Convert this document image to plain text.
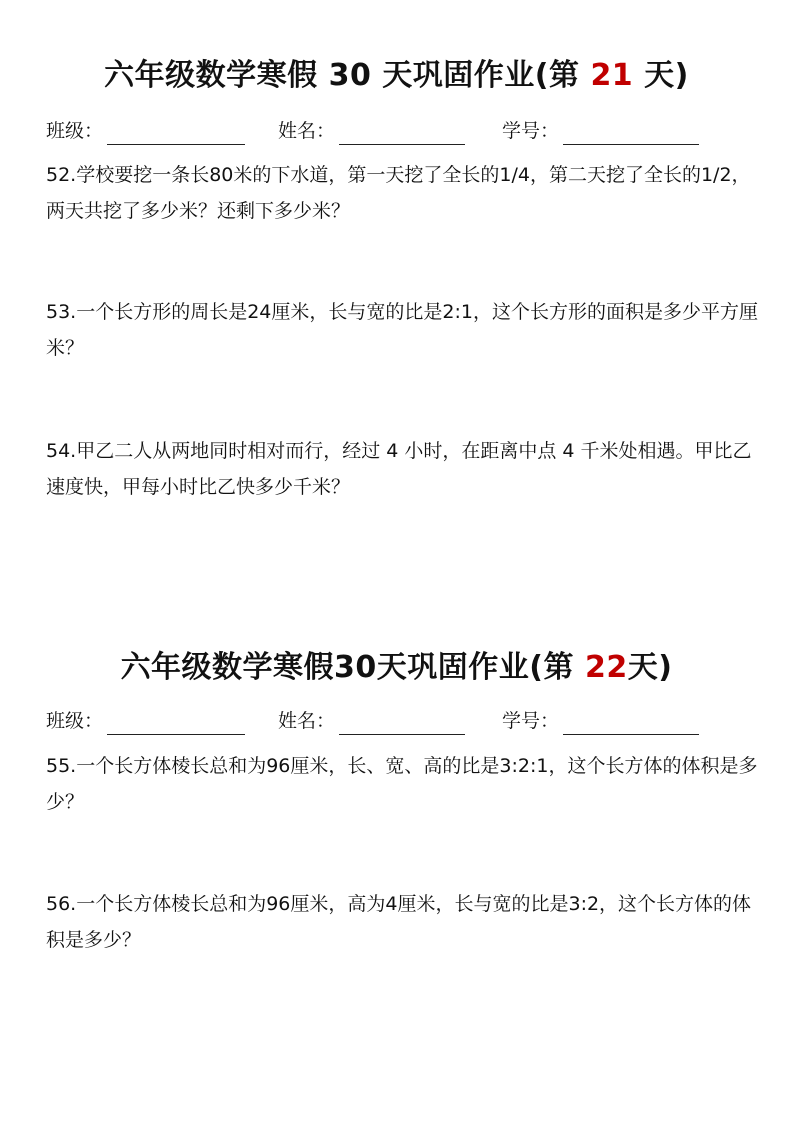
六年级数学寒假 30 天巩固作业(第 21 天)
班级：	姓名：	学号：

52.学校要挖一条长80米的下水道，第一天挖了全长的1/4，第二天挖了全长的1/2，两天共挖了多少米？还剩下多少米？

53.一个长方形的周长是24厘米，长与宽的比是2:1，这个长方形的面积是多少平方厘米？

54.甲乙二人从两地同时相对而行，经过 4 小时，在距离中点 4 千米处相遇。甲比乙速度快，甲每小时比乙快多少千米？

六年级数学寒假30天巩固作业(第 22天)
班级：	姓名：	学号：

55.一个长方体棱长总和为96厘米，长、宽、高的比是3:2:1，这个长方体的体积是多少？

56.一个长方体棱长总和为96厘米，高为4厘米，长与宽的比是3:2，这个长方体的体积是多少？
